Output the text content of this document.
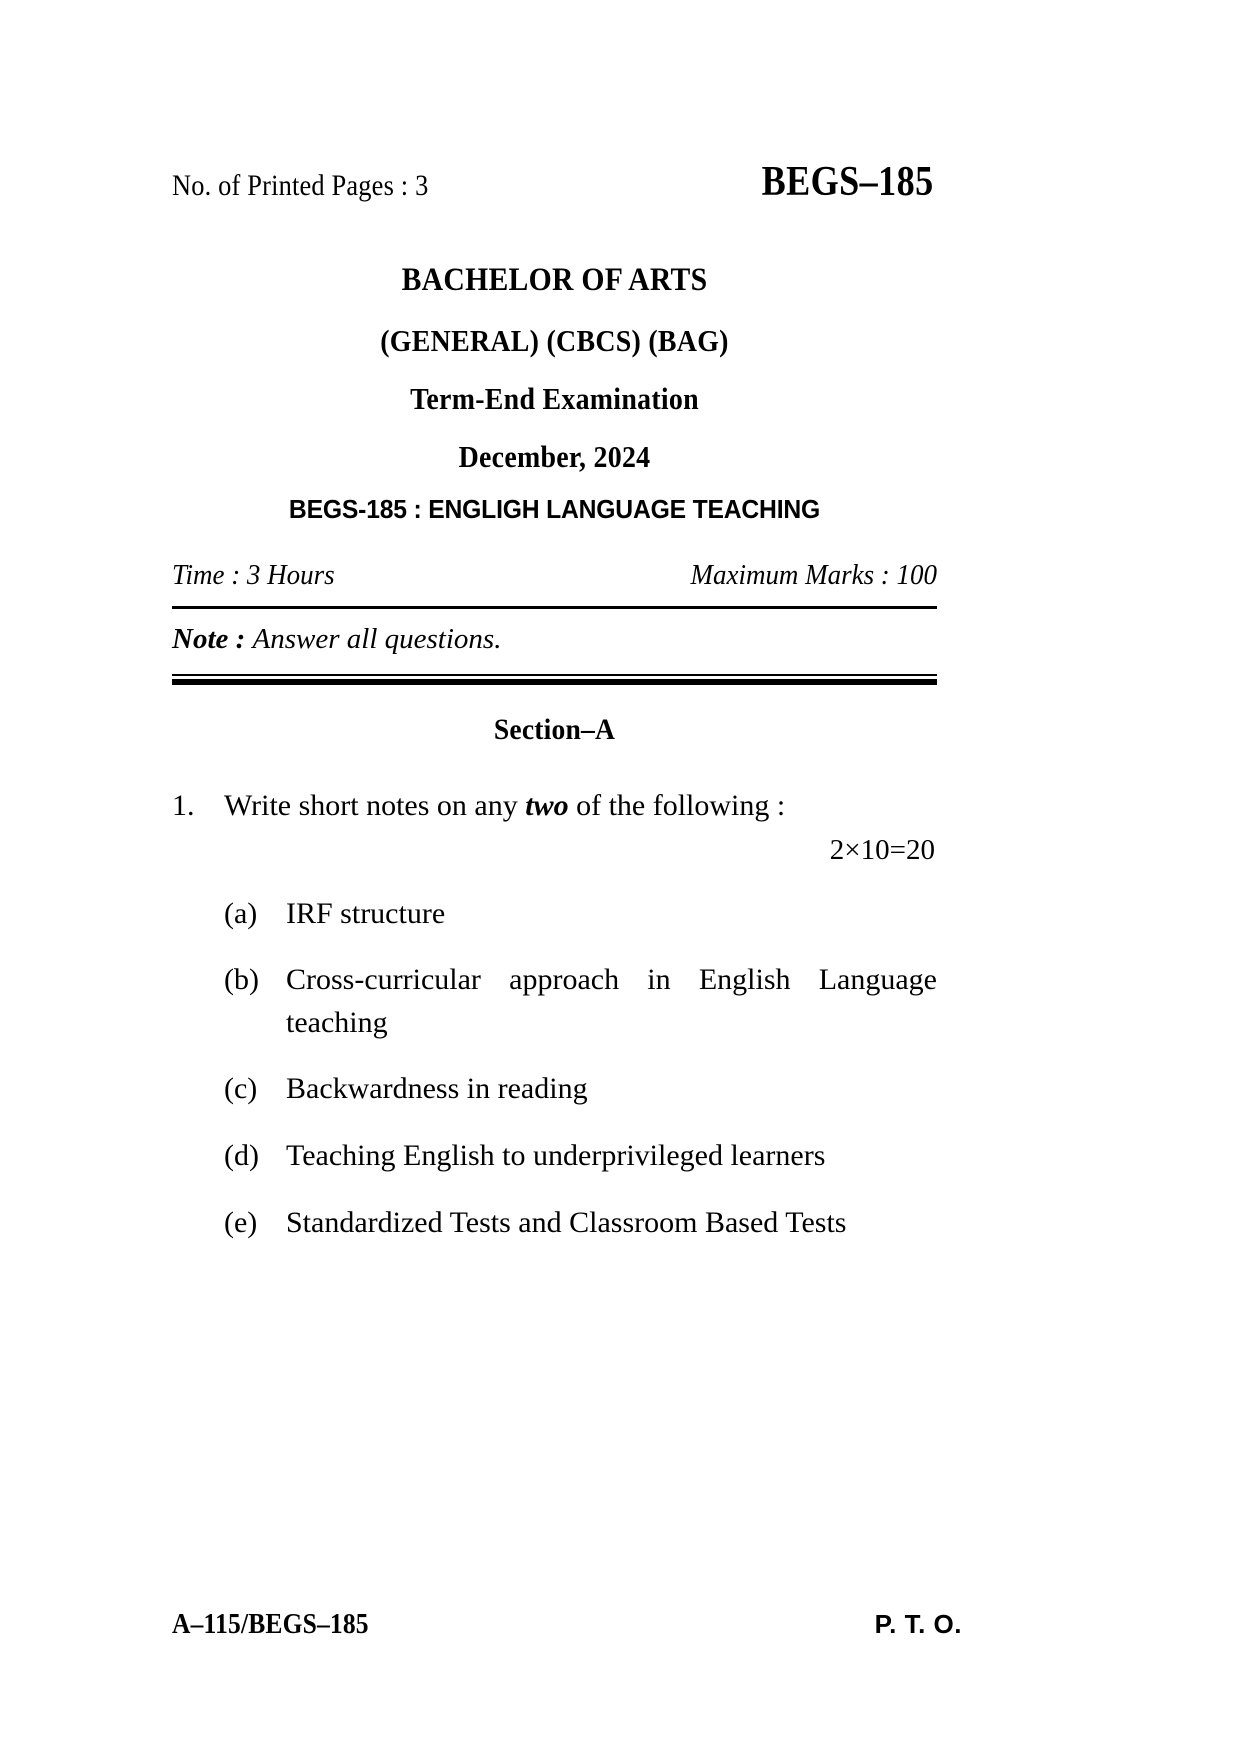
No. of Printed Pages : 3	BEGS–185
BACHELOR OF ARTS
(GENERAL) (CBCS) (BAG)
Term-End Examination
December, 2024
BEGS-185 : ENGLIGH LANGUAGE TEACHING
Time : 3 Hours	Maximum Marks : 100
Note : Answer all questions.
Section–A
1. Write short notes on any two of the following :
2×10=20
(a) IRF structure
(b) Cross-curricular approach in English Language teaching
(c) Backwardness in reading
(d) Teaching English to underprivileged learners
(e) Standardized Tests and Classroom Based Tests
A–115/BEGS–185	P. T. O.
